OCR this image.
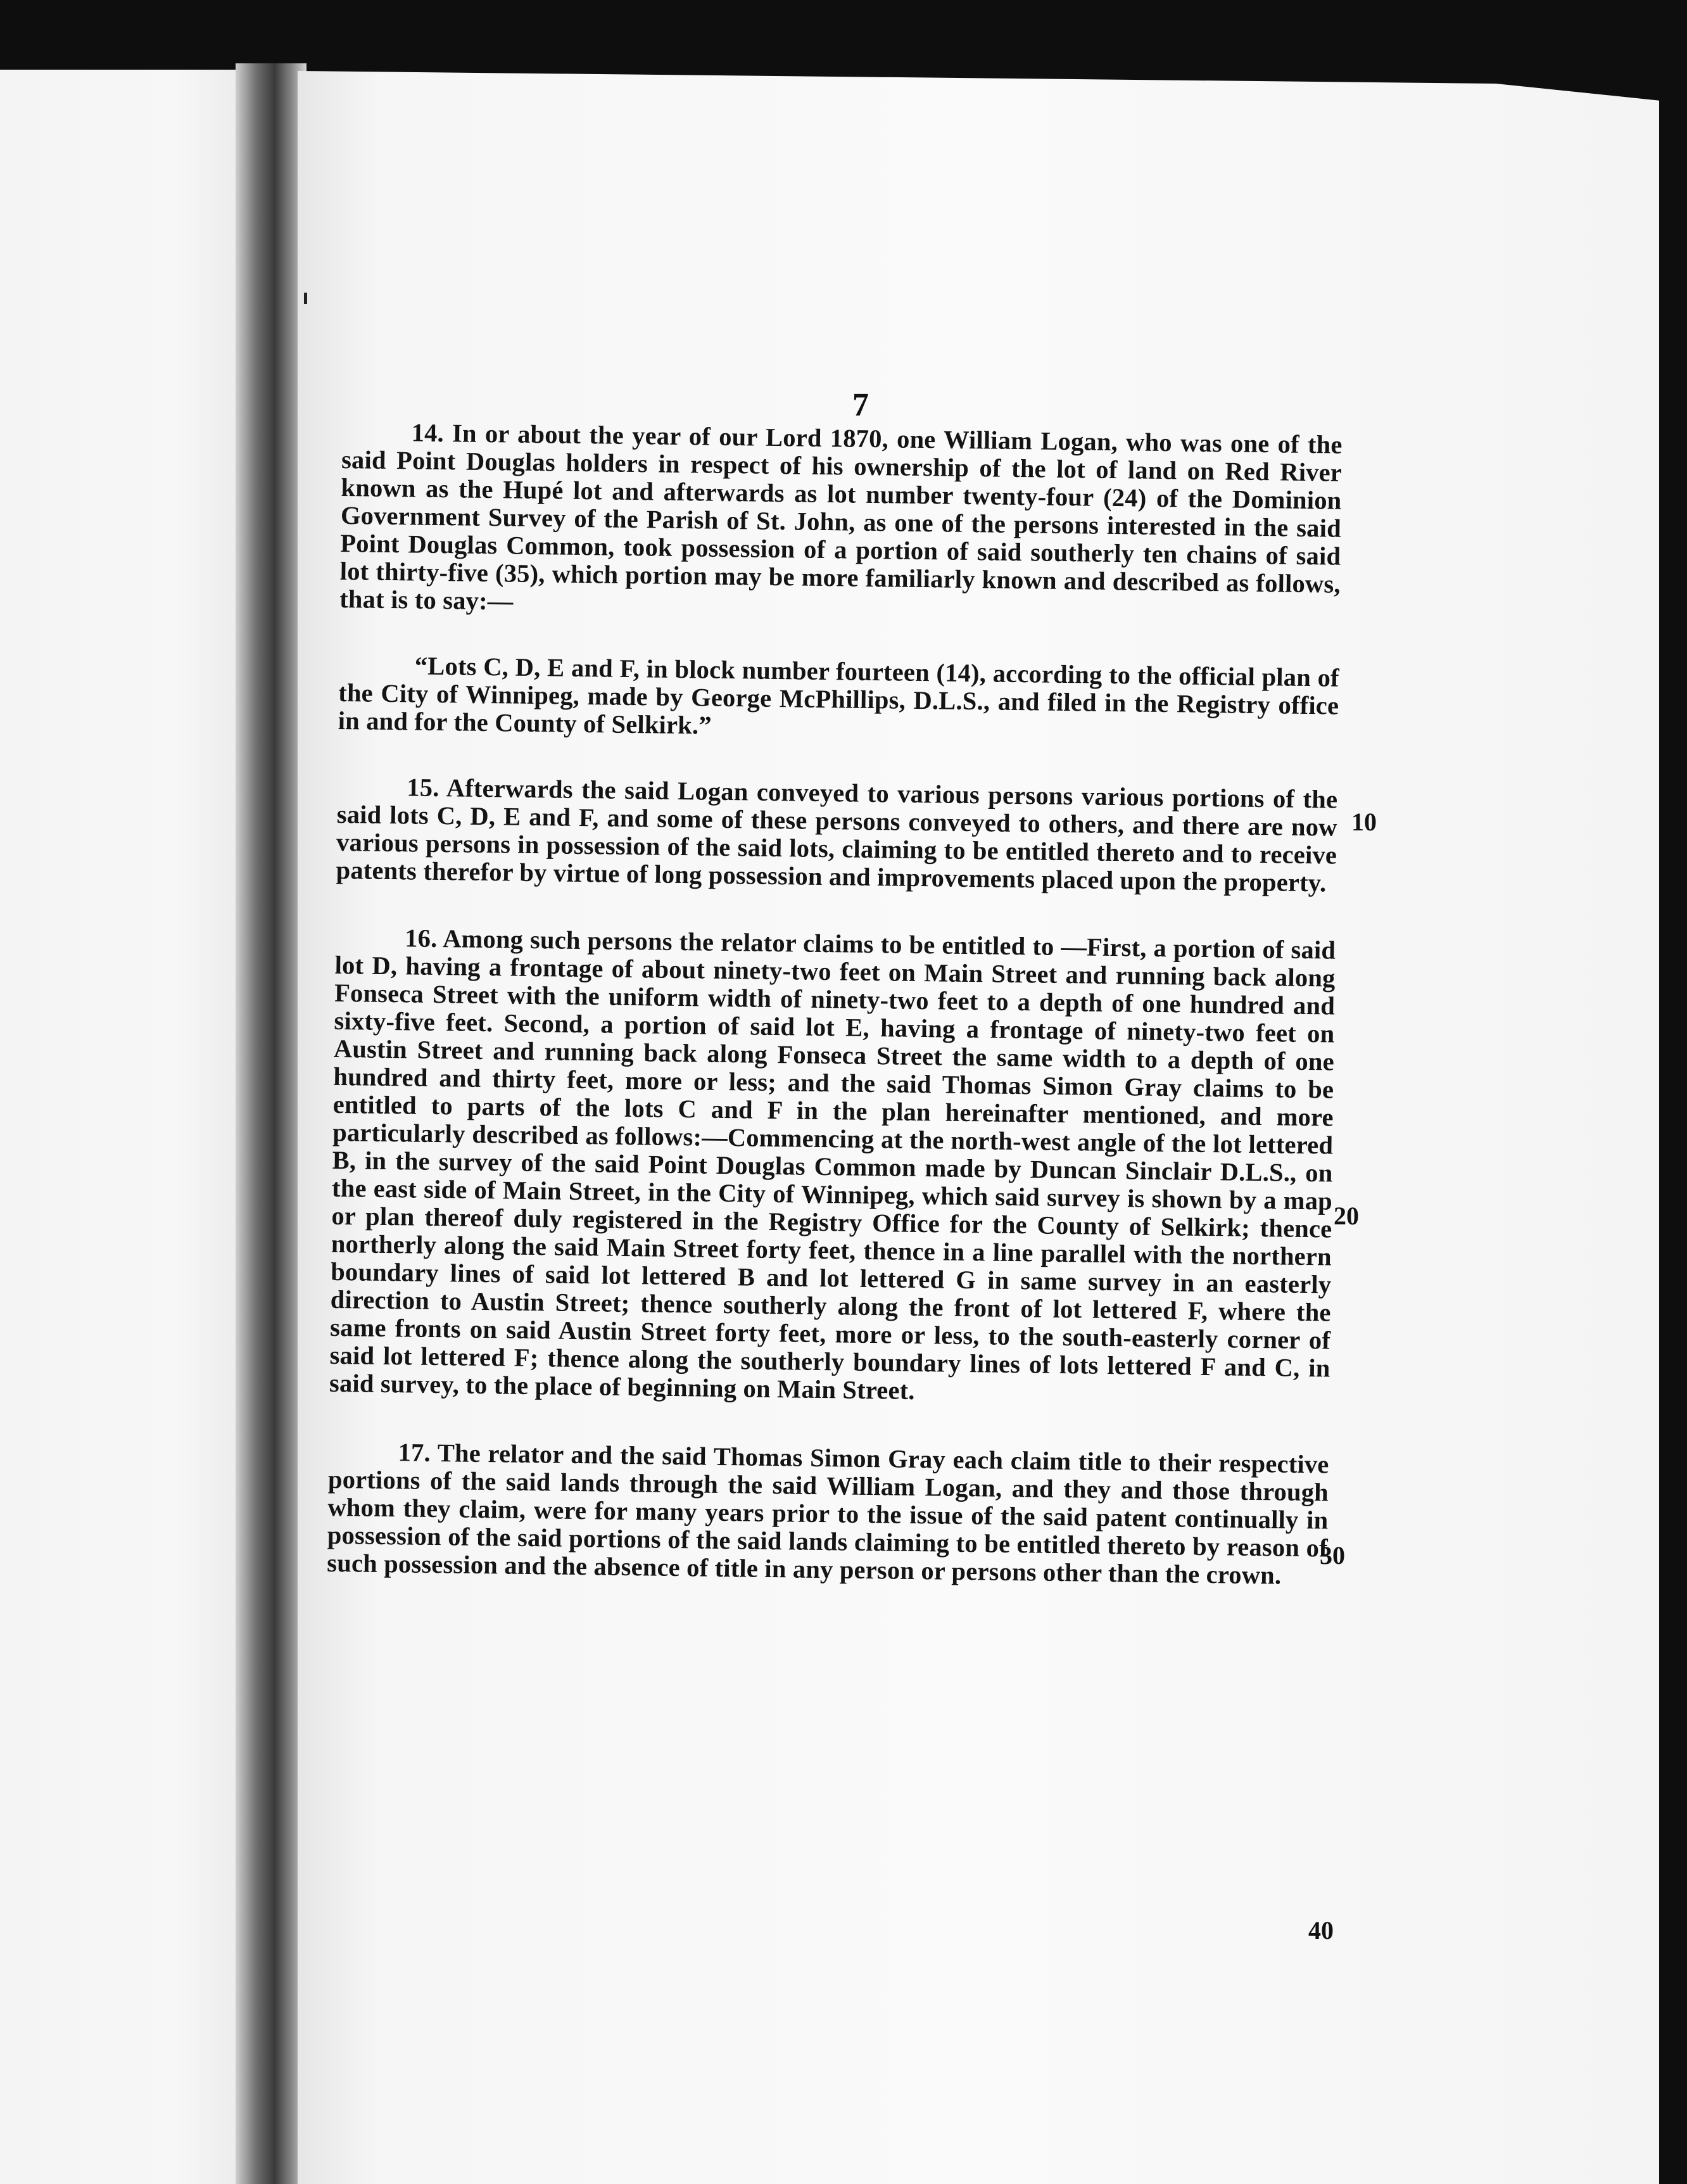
7

14. In or about the year of our Lord 1870, one William Logan, who was one of the said Point Douglas holders in respect of his ownership of the lot of land on Red River known as the Hupé lot and afterwards as lot number twenty-four (24) of the Dominion Government Survey of the Parish of St. John, as one of the persons interested in the said Point Douglas Common, took possession of a portion of said southerly ten chains of said lot thirty-five (35), which portion may be more familiarly known and described as follows, that is to say:—

“Lots C, D, E and F, in block number fourteen (14), according to the official plan of the City of Winnipeg, made by George McPhillips, D.L.S., and filed in the Registry office in and for the County of Selkirk.”

15. Afterwards the said Logan conveyed to various persons various portions of the said lots C, D, E and F, and some of these persons conveyed to others, and there are now various persons in possession of the said lots, claiming to be entitled thereto and to receive patents therefor by virtue of long possession and improvements placed upon the property.

16. Among such persons the relator claims to be entitled to —First, a portion of said lot D, having a frontage of about ninety-two feet on Main Street and running back along Fonseca Street with the uniform width of ninety-two feet to a depth of one hundred and sixty-five feet. Second, a portion of said lot E, having a frontage of ninety-two feet on Austin Street and running back along Fonseca Street the same width to a depth of one hundred and thirty feet, more or less; and the said Thomas Simon Gray claims to be entitled to parts of the lots C and F in the plan hereinafter mentioned, and more particularly described as follows:—Commencing at the north-west angle of the lot lettered B, in the survey of the said Point Douglas Common made by Duncan Sinclair D.L.S., on the east side of Main Street, in the City of Winnipeg, which said survey is shown by a map or plan thereof duly registered in the Registry Office for the County of Selkirk; thence northerly along the said Main Street forty feet, thence in a line parallel with the northern boundary lines of said lot lettered B and lot lettered G in same survey in an easterly direction to Austin Street; thence southerly along the front of lot lettered F, where the same fronts on said Austin Street forty feet, more or less, to the south-easterly corner of said lot lettered F; thence along the southerly boundary lines of lots lettered F and C, in said survey, to the place of beginning on Main Street.

17. The relator and the said Thomas Simon Gray each claim title to their respective portions of the said lands through the said William Logan, and they and those through whom they claim, were for many years prior to the issue of the said patent continually in possession of the said portions of the said lands claiming to be entitled thereto by reason of such possession and the absence of title in any person or persons other than the crown.

10
20
30
40
